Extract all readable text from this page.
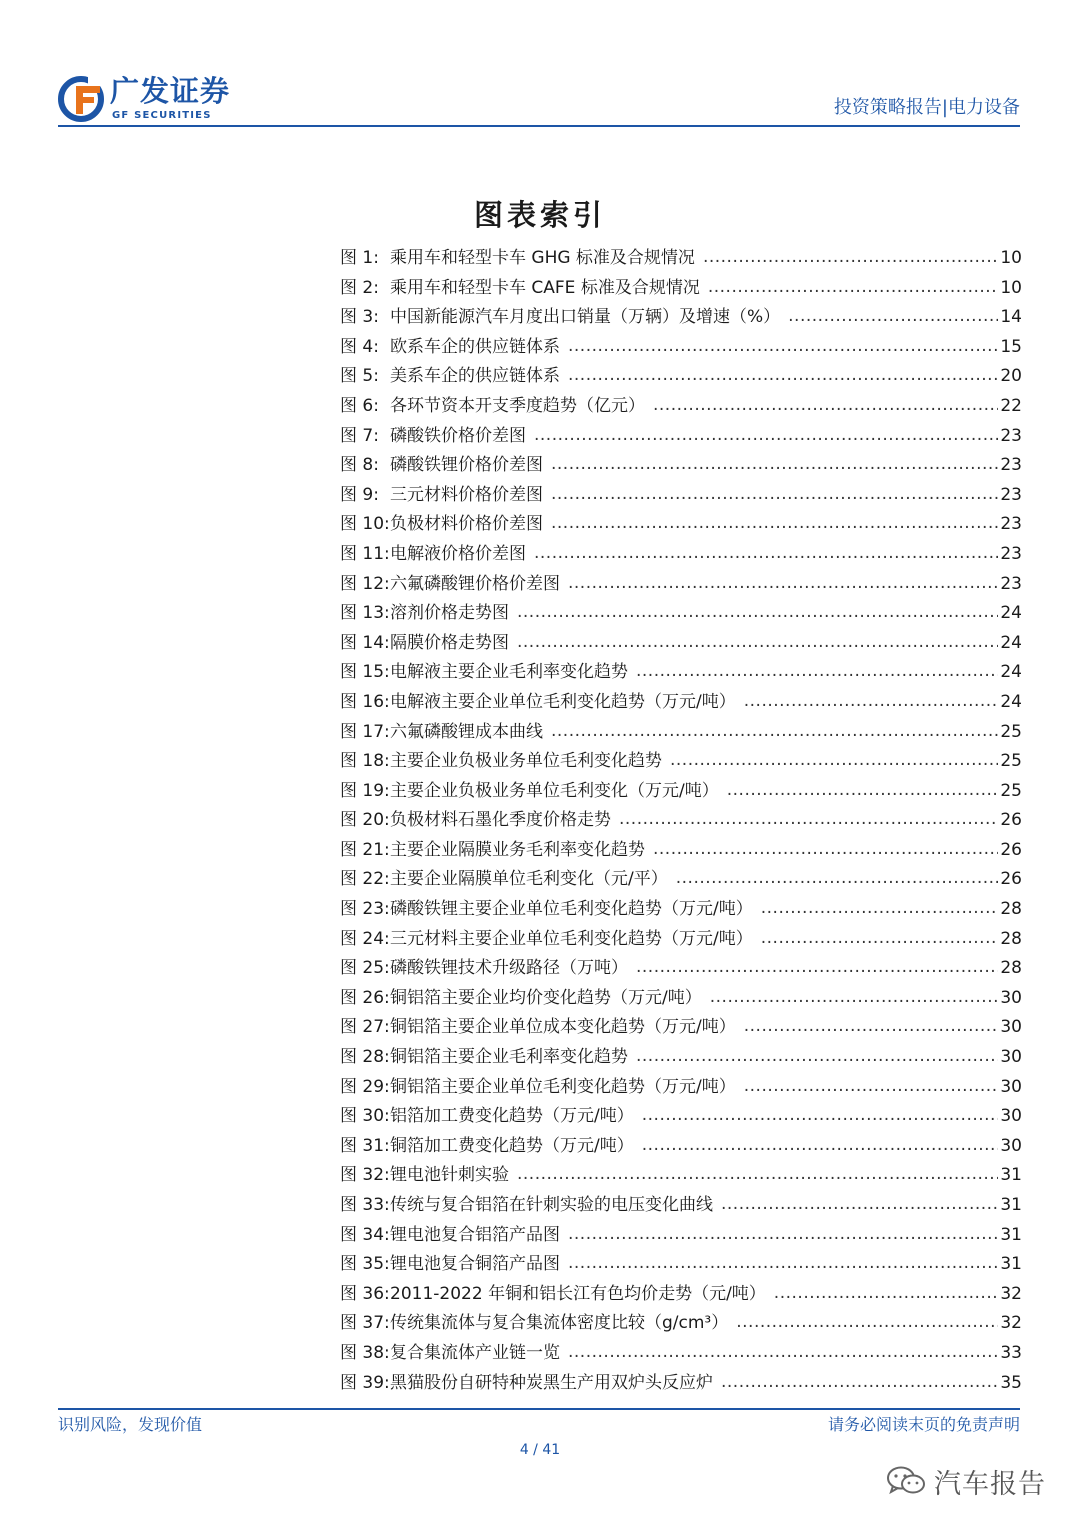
广发证券
GF SECURITIES	投资策略报告|电力设备
图表索引
图 1: 乘用车和轻型卡车 GHG 标准及合规情况 .....	10
图 2: 乘用车和轻型卡车 CAFE 标准及合规情况 .....	10
图 3: 中国新能源汽车月度出口销量（万辆）及增速（%） .....	14
图 4: 欧系车企的供应链体系 .....	15
图 5: 美系车企的供应链体系 .....	20
图 6: 各环节资本开支季度趋势（亿元） .....	22
图 7: 磷酸铁价格价差图 .....	23
图 8: 磷酸铁锂价格价差图 .....	23
图 9: 三元材料价格价差图 .....	23
图 10:负极材料价格价差图 .....	23
图 11:电解液价格价差图 .....	23
图 12:六氟磷酸锂价格价差图 .....	23
图 13:溶剂价格走势图 .....	24
图 14:隔膜价格走势图 .....	24
图 15:电解液主要企业毛利率变化趋势 .....	24
图 16:电解液主要企业单位毛利变化趋势（万元/吨） .....	24
图 17:六氟磷酸锂成本曲线 .....	25
图 18:主要企业负极业务单位毛利变化趋势 .....	25
图 19:主要企业负极业务单位毛利变化（万元/吨） .....	25
图 20:负极材料石墨化季度价格走势 .....	26
图 21:主要企业隔膜业务毛利率变化趋势 .....	26
图 22:主要企业隔膜单位毛利变化（元/平） .....	26
图 23:磷酸铁锂主要企业单位毛利变化趋势（万元/吨） .....	28
图 24:三元材料主要企业单位毛利变化趋势（万元/吨） .....	28
图 25:磷酸铁锂技术升级路径（万吨） .....	28
图 26:铜铝箔主要企业均价变化趋势（万元/吨） .....	30
图 27:铜铝箔主要企业单位成本变化趋势（万元/吨） .....	30
图 28:铜铝箔主要企业毛利率变化趋势 .....	30
图 29:铜铝箔主要企业单位毛利变化趋势（万元/吨） .....	30
图 30:铝箔加工费变化趋势（万元/吨） .....	30
图 31:铜箔加工费变化趋势（万元/吨） .....	30
图 32:锂电池针刺实验 .....	31
图 33:传统与复合铝箔在针刺实验的电压变化曲线 .....	31
图 34:锂电池复合铝箔产品图 .....	31
图 35:锂电池复合铜箔产品图 .....	31
图 36:2011-2022 年铜和铝长江有色均价走势（元/吨） .....	32
图 37:传统集流体与复合集流体密度比较（g/cm³） .....	32
图 38:复合集流体产业链一览 .....	33
图 39:黑猫股份自研特种炭黑生产用双炉头反应炉 .....	35
识别风险，发现价值	请务必阅读末页的免责声明
4 / 41
汽车报告
